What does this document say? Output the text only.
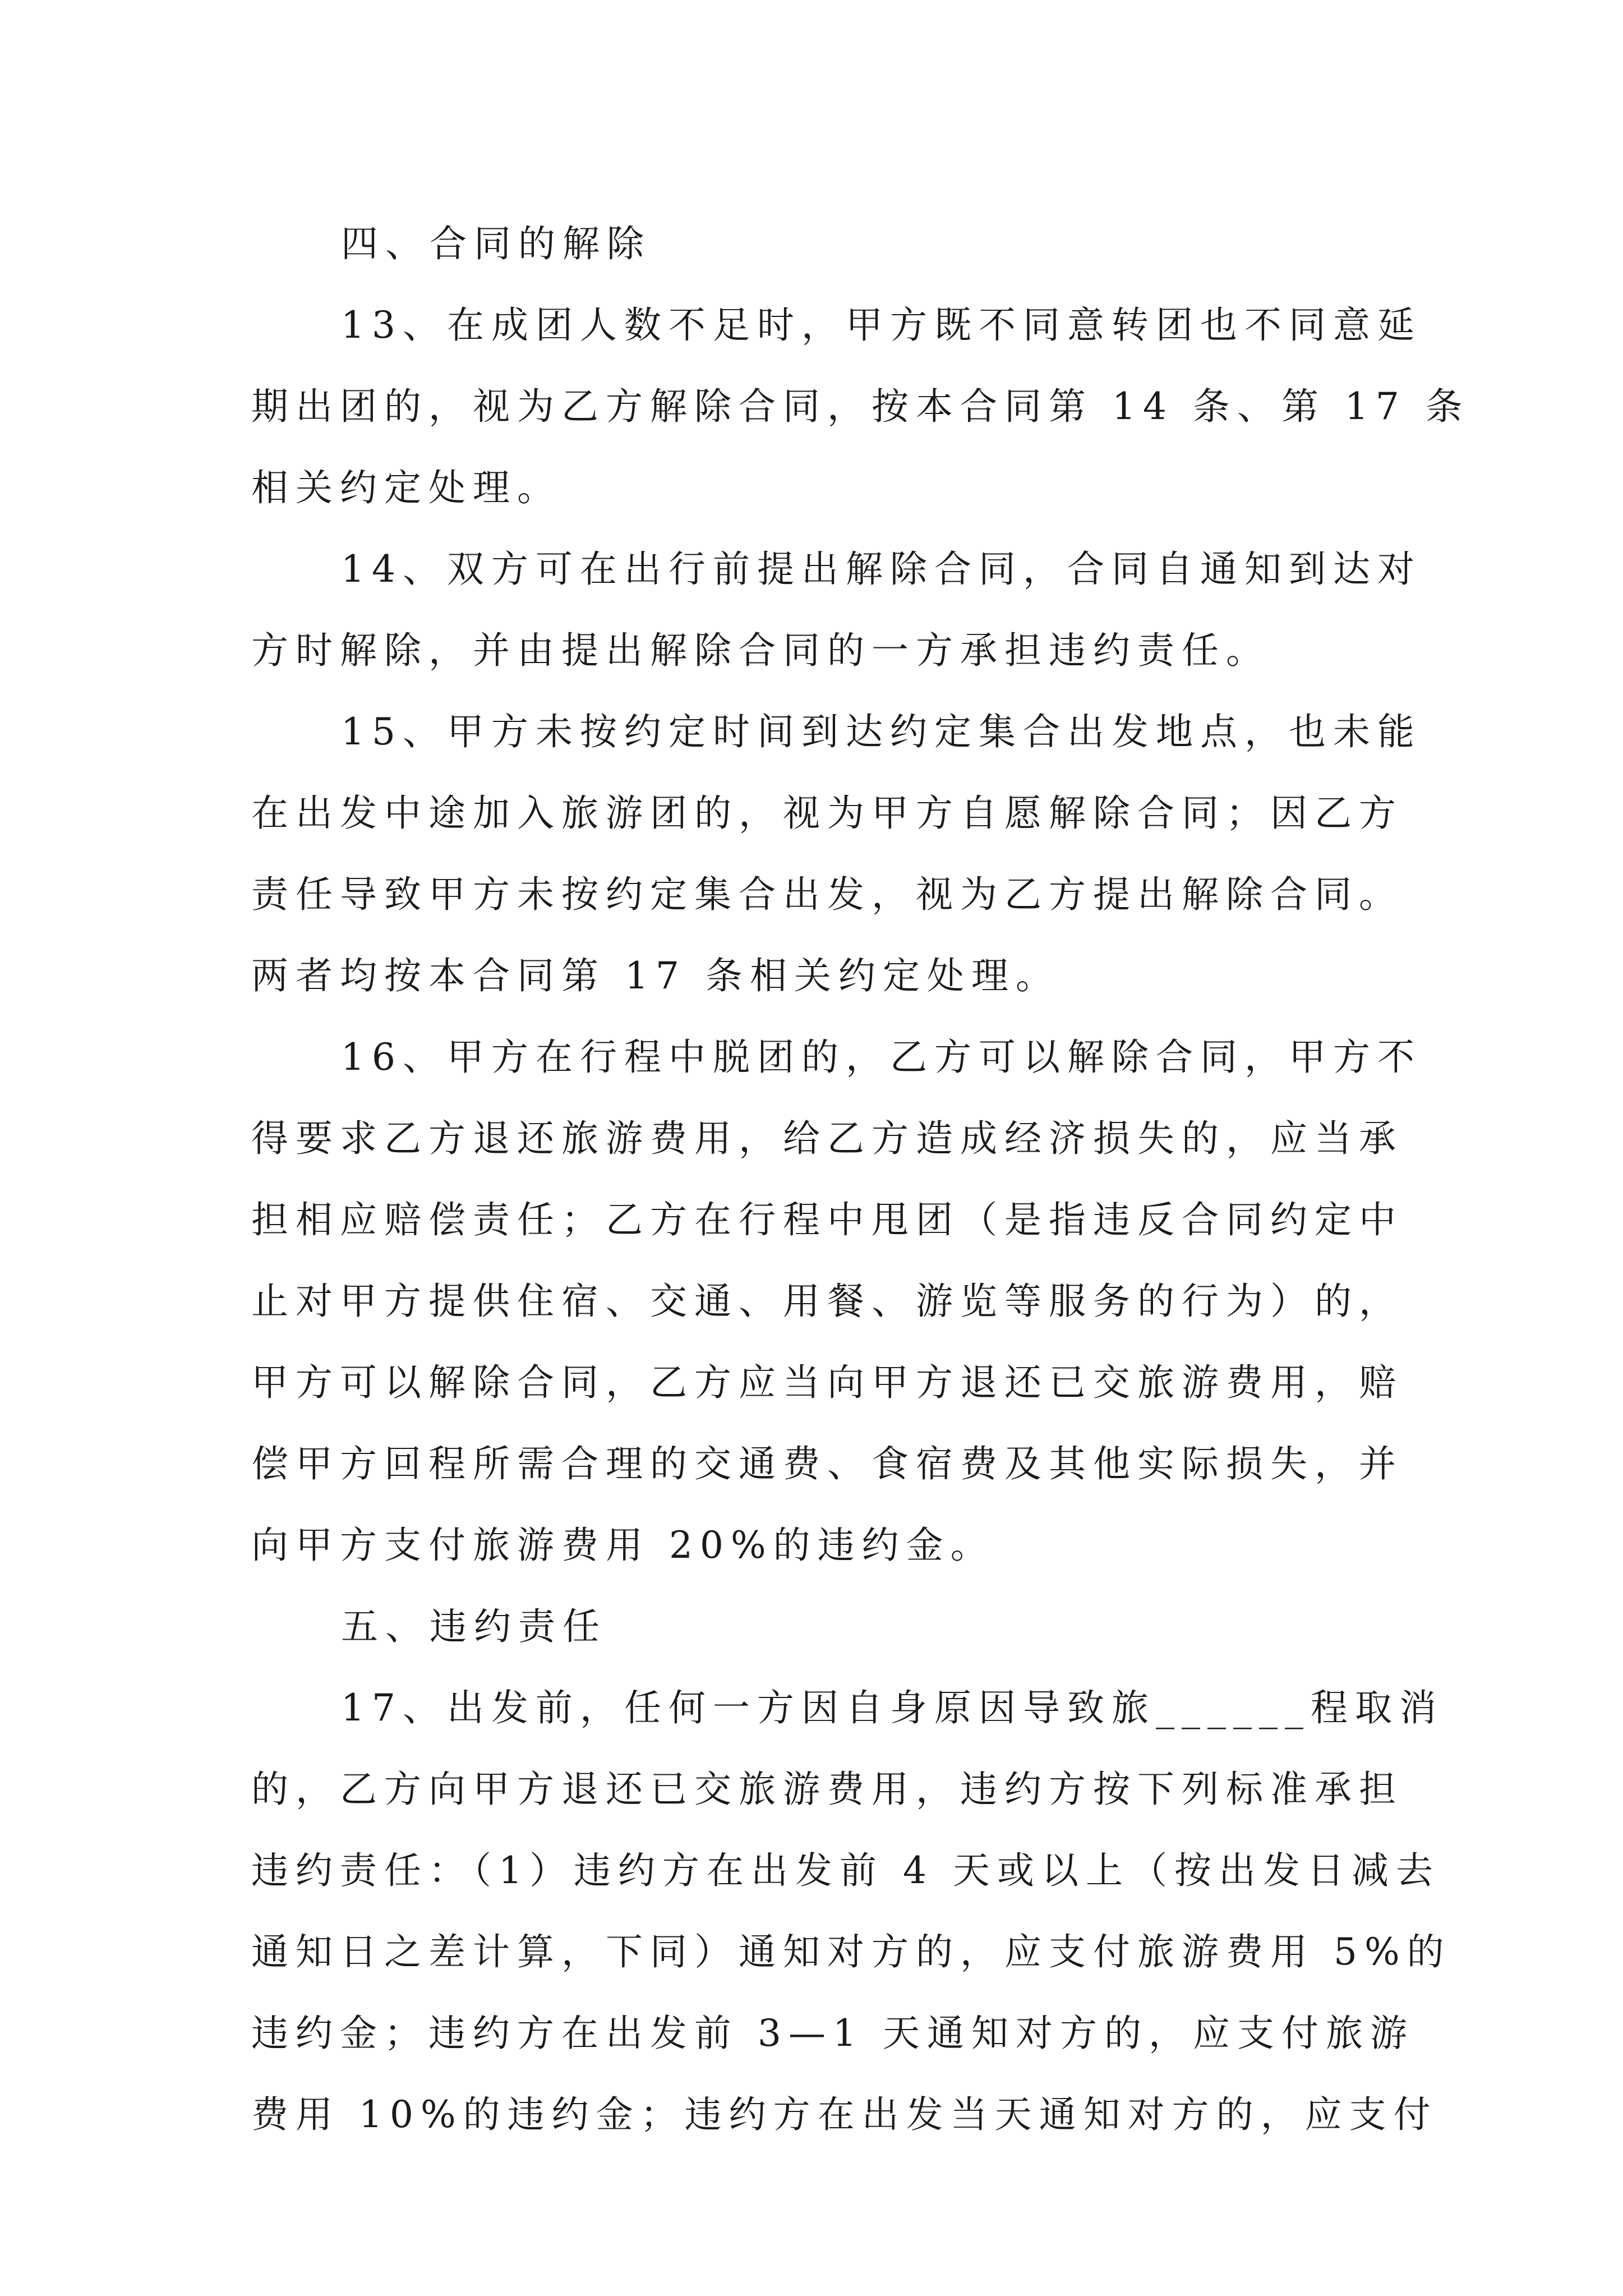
四、合同的解除

13、在成团人数不足时，甲方既不同意转团也不同意延
期出团的，视为乙方解除合同，按本合同第 14 条、第 17 条
相关约定处理。

14、双方可在出行前提出解除合同，合同自通知到达对
方时解除，并由提出解除合同的一方承担违约责任。

15、甲方未按约定时间到达约定集合出发地点，也未能
在出发中途加入旅游团的，视为甲方自愿解除合同；因乙方
责任导致甲方未按约定集合出发，视为乙方提出解除合同。
两者均按本合同第 17 条相关约定处理。

16、甲方在行程中脱团的，乙方可以解除合同，甲方不
得要求乙方退还旅游费用，给乙方造成经济损失的，应当承
担相应赔偿责任；乙方在行程中甩团（是指违反合同约定中
止对甲方提供住宿、交通、用餐、游览等服务的行为）的，
甲方可以解除合同，乙方应当向甲方退还已交旅游费用，赔
偿甲方回程所需合理的交通费、食宿费及其他实际损失，并
向甲方支付旅游费用 20%的违约金。

五、违约责任

17、出发前，任何一方因自身原因导致旅______程取消
的，乙方向甲方退还已交旅游费用，违约方按下列标准承担
违约责任：（1）违约方在出发前 4 天或以上（按出发日减去
通知日之差计算，下同）通知对方的，应支付旅游费用 5%的
违约金；违约方在出发前 3—1 天通知对方的，应支付旅游
费用 10%的违约金；违约方在出发当天通知对方的，应支付
